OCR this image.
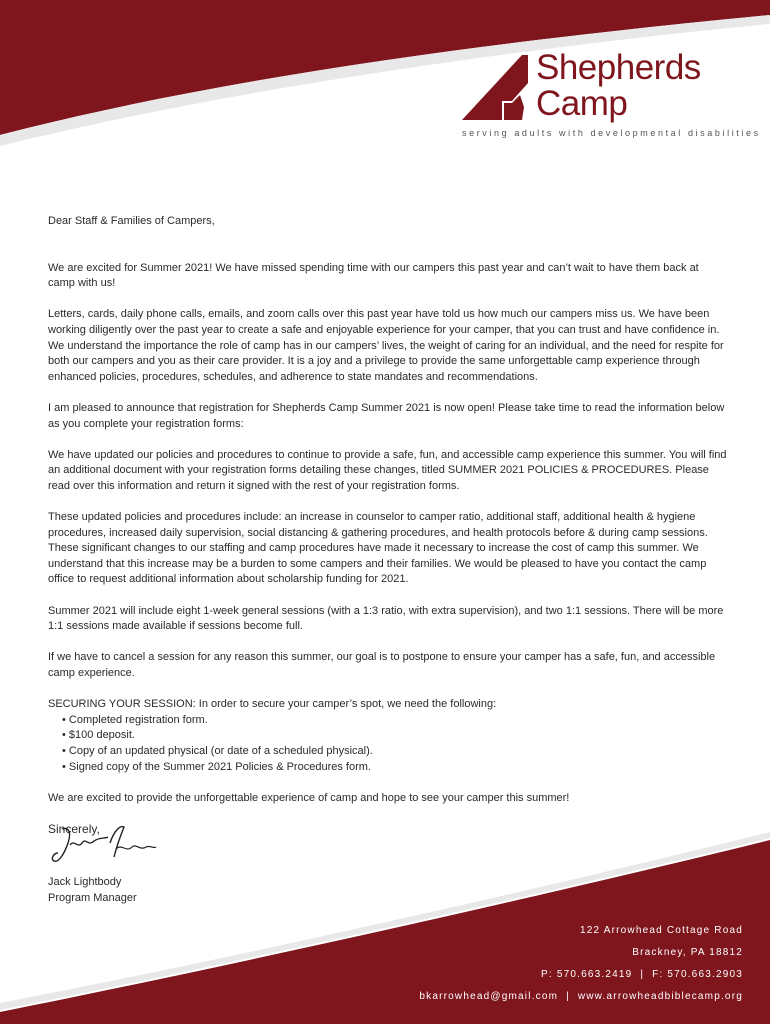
Shepherds
Camp
serving adults with developmental disabilities

Dear Staff & Families of Campers,

We are excited for Summer 2021! We have missed spending time with our campers this past year and can’t wait to have them back at camp with us!

Letters, cards, daily phone calls, emails, and zoom calls over this past year have told us how much our campers miss us. We have been working diligently over the past year to create a safe and enjoyable experience for your camper, that you can trust and have confidence in. We understand the importance the role of camp has in our campers’ lives, the weight of caring for an individual, and the need for respite for both our campers and you as their care provider. It is a joy and a privilege to provide the same unforgettable camp experience through enhanced policies, procedures, schedules, and adherence to state mandates and recommendations.

I am pleased to announce that registration for Shepherds Camp Summer 2021 is now open! Please take time to read the information below as you complete your registration forms:

We have updated our policies and procedures to continue to provide a safe, fun, and accessible camp experience this summer. You will find an additional document with your registration forms detailing these changes, titled SUMMER 2021 POLICIES & PROCEDURES. Please read over this information and return it signed with the rest of your registration forms.

These updated policies and procedures include: an increase in counselor to camper ratio, additional staff, additional health & hygiene procedures, increased daily supervision, social distancing & gathering procedures, and health protocols before & during camp sessions. These significant changes to our staffing and camp procedures have made it necessary to increase the cost of camp this summer. We understand that this increase may be a burden to some campers and their families. We would be pleased to have you contact the camp office to request additional information about scholarship funding for 2021.

Summer 2021 will include eight 1-week general sessions (with a 1:3 ratio, with extra supervision), and two 1:1 sessions. There will be more 1:1 sessions made available if sessions become full.

If we have to cancel a session for any reason this summer, our goal is to postpone to ensure your camper has a safe, fun, and accessible camp experience.

SECURING YOUR SESSION: In order to secure your camper’s spot, we need the following:
• Completed registration form.
• $100 deposit.
• Copy of an updated physical (or date of a scheduled physical).
• Signed copy of the Summer 2021 Policies & Procedures form.

We are excited to provide the unforgettable experience of camp and hope to see your camper this summer!

Sincerely,
Jack Lightbody
Program Manager
122 Arrowhead Cottage Road
Brackney, PA 18812
P: 570.663.2419  |  F: 570.663.2903
bkarrowhead@gmail.com  |  www.arrowheadbiblecamp.org
